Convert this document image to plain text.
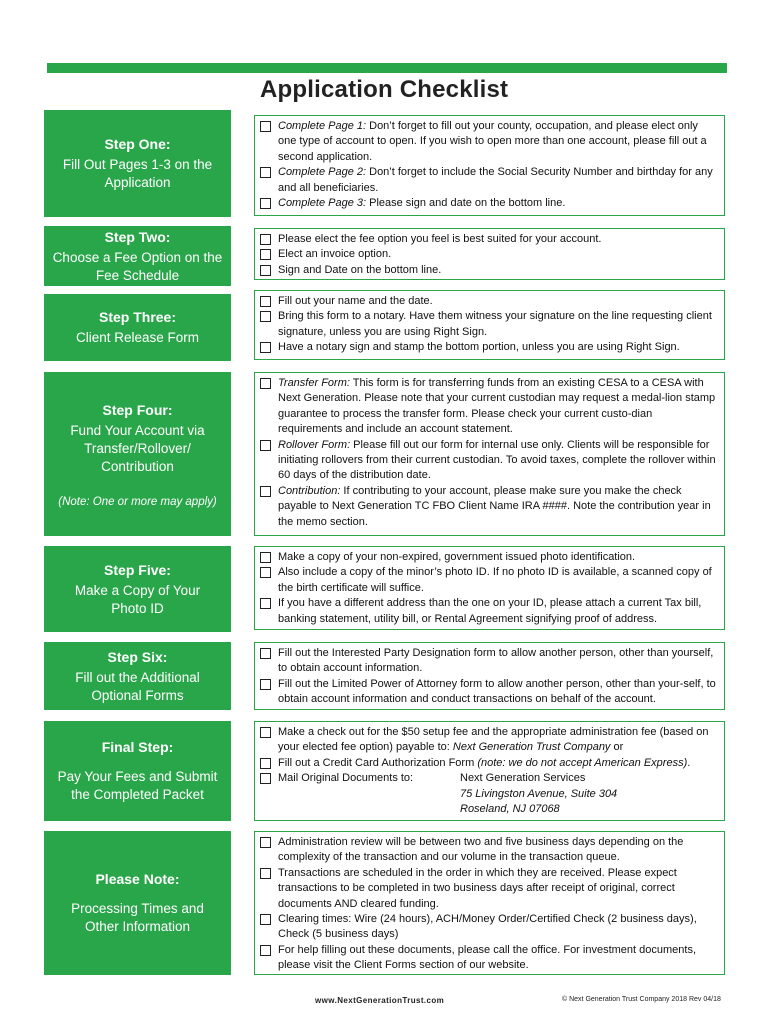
Application Checklist
Step One:
Fill Out Pages 1-3 on the Application
Complete Page 1: Don’t forget to fill out your county, occupation, and please elect only one type of account to open. If you wish to open more than one account, please fill out a second application.
Complete Page 2: Don’t forget to include the Social Security Number and birthday for any and all beneficiaries.
Complete Page 3: Please sign and date on the bottom line.
Step Two:
Choose a Fee Option on the Fee Schedule
Please elect the fee option you feel is best suited for your account.
Elect an invoice option.
Sign and Date on the bottom line.
Step Three:
Client Release Form
Fill out your name and the date.
Bring this form to a notary. Have them witness your signature on the line requesting client signature, unless you are using Right Sign.
Have a notary sign and stamp the bottom portion, unless you are using Right Sign.
Step Four:
Fund Your Account via Transfer/Rollover/ Contribution
(Note: One or more may apply)
Transfer Form: This form is for transferring funds from an existing CESA to a CESA with Next Generation. Please note that your current custodian may request a medal-lion stamp guarantee to process the transfer form. Please check your current custo-dian requirements and include an account statement.
Rollover Form: Please fill out our form for internal use only. Clients will be responsible for initiating rollovers from their current custodian. To avoid taxes, complete the rollover within 60 days of the distribution date.
Contribution: If contributing to your account, please make sure you make the check payable to Next Generation TC FBO Client Name IRA ####. Note the contribution year in the memo section.
Step Five:
Make a Copy of Your Photo ID
Make a copy of your non-expired, government issued photo identification.
Also include a copy of the minor’s photo ID. If no photo ID is available, a scanned copy of the birth certificate will suffice.
If you have a different address than the one on your ID, please attach a current Tax bill, banking statement, utility bill, or Rental Agreement signifying proof of address.
Step Six:
Fill out the Additional Optional Forms
Fill out the Interested Party Designation form to allow another person, other than yourself, to obtain account information.
Fill out the Limited Power of Attorney form to allow another person, other than your-self, to obtain account information and conduct transactions on behalf of the account.
Final Step:
Pay Your Fees and Submit the Completed Packet
Make a check out for the $50 setup fee and the appropriate administration fee (based on your elected fee option) payable to: Next Generation Trust Company or
Fill out a Credit Card Authorization Form (note: we do not accept American Express).
Mail Original Documents to:	Next Generation Services
75 Livingston Avenue, Suite 304
Roseland, NJ 07068
Please Note:
Processing Times and Other Information
Administration review will be between two and five business days depending on the complexity of the transaction and our volume in the transaction queue.
Transactions are scheduled in the order in which they are received. Please expect transactions to be completed in two business days after receipt of original, correct documents AND cleared funding.
Clearing times: Wire (24 hours), ACH/Money Order/Certified Check (2 business days), Check (5 business days)
For help filling out these documents, please call the office. For investment documents, please visit the Client Forms section of our website.
www.NextGenerationTrust.com	© Next Generation Trust Company 2018 Rev 04/18
